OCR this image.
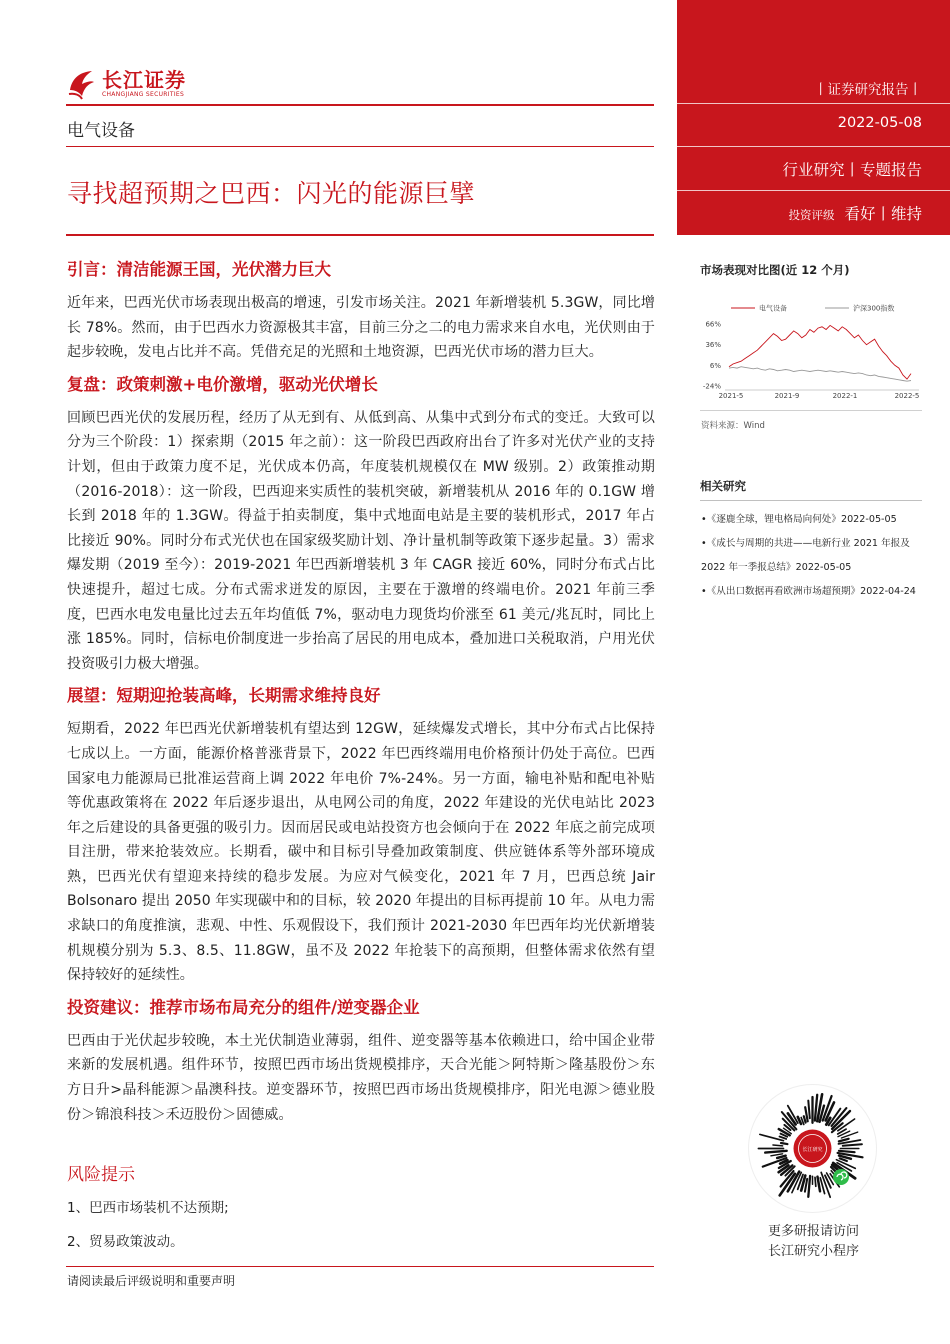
长江证券
CHANGJIANG SECURITIES
电气设备
寻找超预期之巴西：闪光的能源巨擘
引言：清洁能源王国，光伏潜力巨大
近年来，巴西光伏市场表现出极高的增速，引发市场关注。2021 年新增装机 5.3GW，同比增长 78%。然而，由于巴西水力资源极其丰富，目前三分之二的电力需求来自水电，光伏则由于起步较晚，发电占比并不高。凭借充足的光照和土地资源，巴西光伏市场的潜力巨大。
复盘：政策刺激+电价激增，驱动光伏增长
回顾巴西光伏的发展历程，经历了从无到有、从低到高、从集中式到分布式的变迁。大致可以分为三个阶段：1）探索期（2015 年之前）：这一阶段巴西政府出台了许多对光伏产业的支持计划，但由于政策力度不足，光伏成本仍高，年度装机规模仅在 MW 级别。2）政策推动期（2016-2018）：这一阶段，巴西迎来实质性的装机突破，新增装机从 2016 年的 0.1GW 增长到 2018 年的 1.3GW。得益于拍卖制度，集中式地面电站是主要的装机形式，2017 年占比接近 90%。同时分布式光伏也在国家级奖励计划、净计量机制等政策下逐步起量。3）需求爆发期（2019 至今）：2019-2021 年巴西新增装机 3 年 CAGR 接近 60%，同时分布式占比快速提升，超过七成。分布式需求迸发的原因，主要在于激增的终端电价。2021 年前三季度，巴西水电发电量比过去五年均值低 7%，驱动电力现货均价涨至 61 美元/兆瓦时，同比上涨 185%。同时，信标电价制度进一步抬高了居民的用电成本，叠加进口关税取消，户用光伏投资吸引力极大增强。
展望：短期迎抢装高峰，长期需求维持良好
短期看，2022 年巴西光伏新增装机有望达到 12GW，延续爆发式增长，其中分布式占比保持七成以上。一方面，能源价格普涨背景下，2022 年巴西终端用电价格预计仍处于高位。巴西国家电力能源局已批准运营商上调 2022 年电价 7%-24%。另一方面，输电补贴和配电补贴等优惠政策将在 2022 年后逐步退出，从电网公司的角度，2022 年建设的光伏电站比 2023 年之后建设的具备更强的吸引力。因而居民或电站投资方也会倾向于在 2022 年底之前完成项目注册，带来抢装效应。长期看，碳中和目标引导叠加政策制度、供应链体系等外部环境成熟，巴西光伏有望迎来持续的稳步发展。为应对气候变化，2021 年 7 月，巴西总统 Jair Bolsonaro 提出 2050 年实现碳中和的目标，较 2020 年提出的目标再提前 10 年。从电力需求缺口的角度推演，悲观、中性、乐观假设下，我们预计 2021-2030 年巴西年均光伏新增装机规模分别为 5.3、8.5、11.8GW，虽不及 2022 年抢装下的高预期，但整体需求依然有望保持较好的延续性。
投资建议：推荐市场布局充分的组件/逆变器企业
巴西由于光伏起步较晚，本土光伏制造业薄弱，组件、逆变器等基本依赖进口，给中国企业带来新的发展机遇。组件环节，按照巴西市场出货规模排序，天合光能＞阿特斯＞隆基股份＞东方日升>晶科能源＞晶澳科技。逆变器环节，按照巴西市场出货规模排序，阳光电源＞德业股份＞锦浪科技＞禾迈股份＞固德威。
风险提示
1、巴西市场装机不达预期;
2、贸易政策波动。
请阅读最后评级说明和重要声明
丨证券研究报告丨
2022-05-08
行业研究丨专题报告
投资评级 看好丨维持
市场表现对比图(近 12 个月)
66%
36%
6%
-24%
2021-5	2021-9	2022-1	2022-5
电气设备	沪深300指数
资料来源：Wind
相关研究
•《逐鹿全球，锂电格局向何处》2022-05-05
•《成长与周期的共进——电新行业 2021 年报及
2022 年一季报总结》2022-05-05
•《从出口数据再看欧洲市场超预期》2022-04-24
长江研究
更多研报请访问
长江研究小程序
